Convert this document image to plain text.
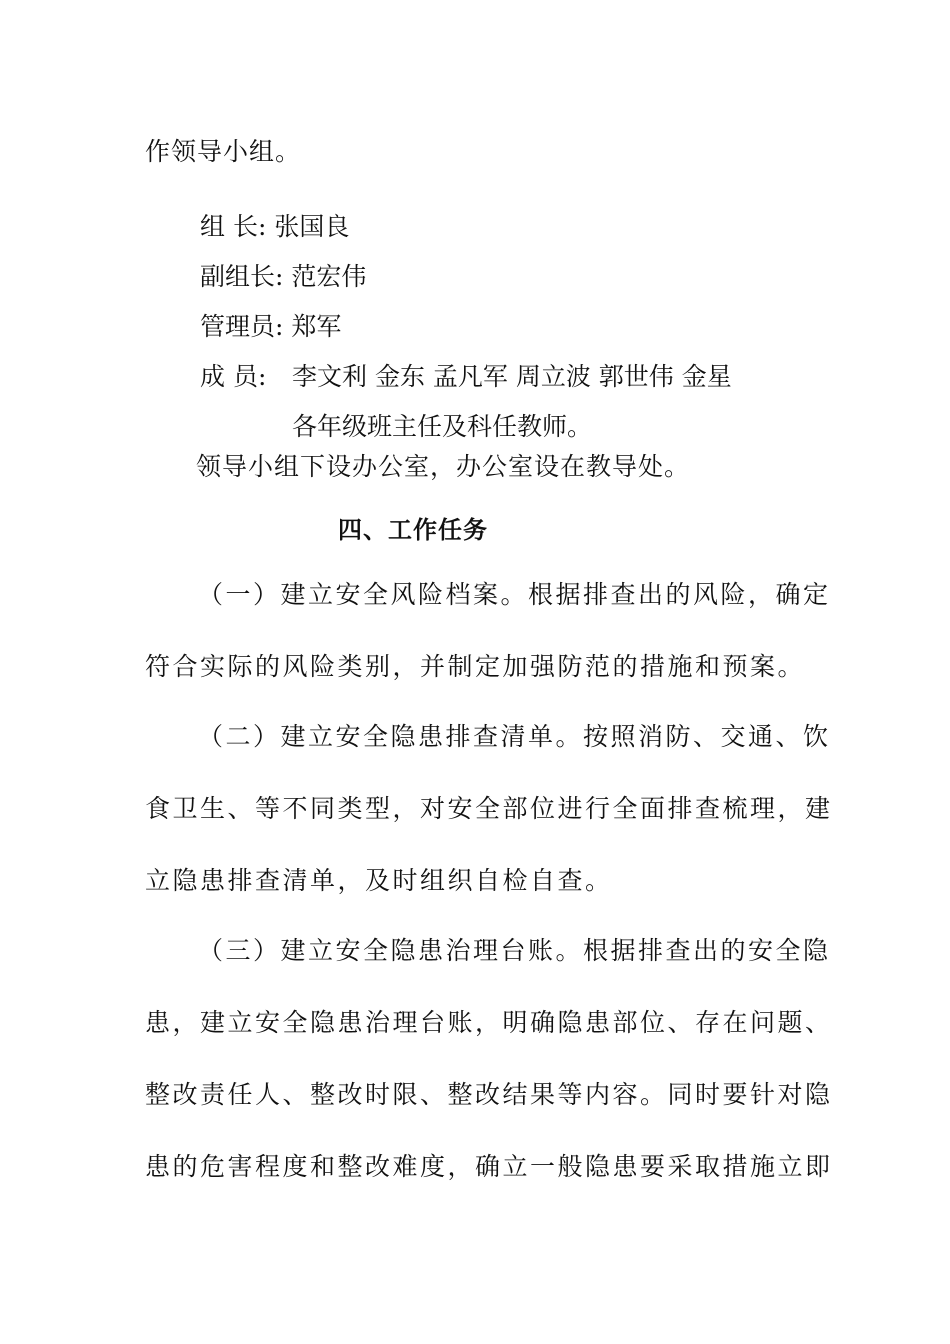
作领导小组。
组 长: 张国良
副组长: 范宏伟
管理员: 郑军
成 员: 李文利 金东 孟凡军 周立波 郭世伟 金星
各年级班主任及科任教师。
领导小组下设办公室，办公室设在教导处。
四、工作任务
（一）建立安全风险档案。根据排查出的风险，确定
符合实际的风险类别，并制定加强防范的措施和预案。
（二）建立安全隐患排查清单。按照消防、交通、饮
食卫生、等不同类型，对安全部位进行全面排查梳理，建
立隐患排查清单，及时组织自检自查。
（三）建立安全隐患治理台账。根据排查出的安全隐
患，建立安全隐患治理台账，明确隐患部位、存在问题、
整改责任人、整改时限、整改结果等内容。同时要针对隐
患的危害程度和整改难度，确立一般隐患要采取措施立即
